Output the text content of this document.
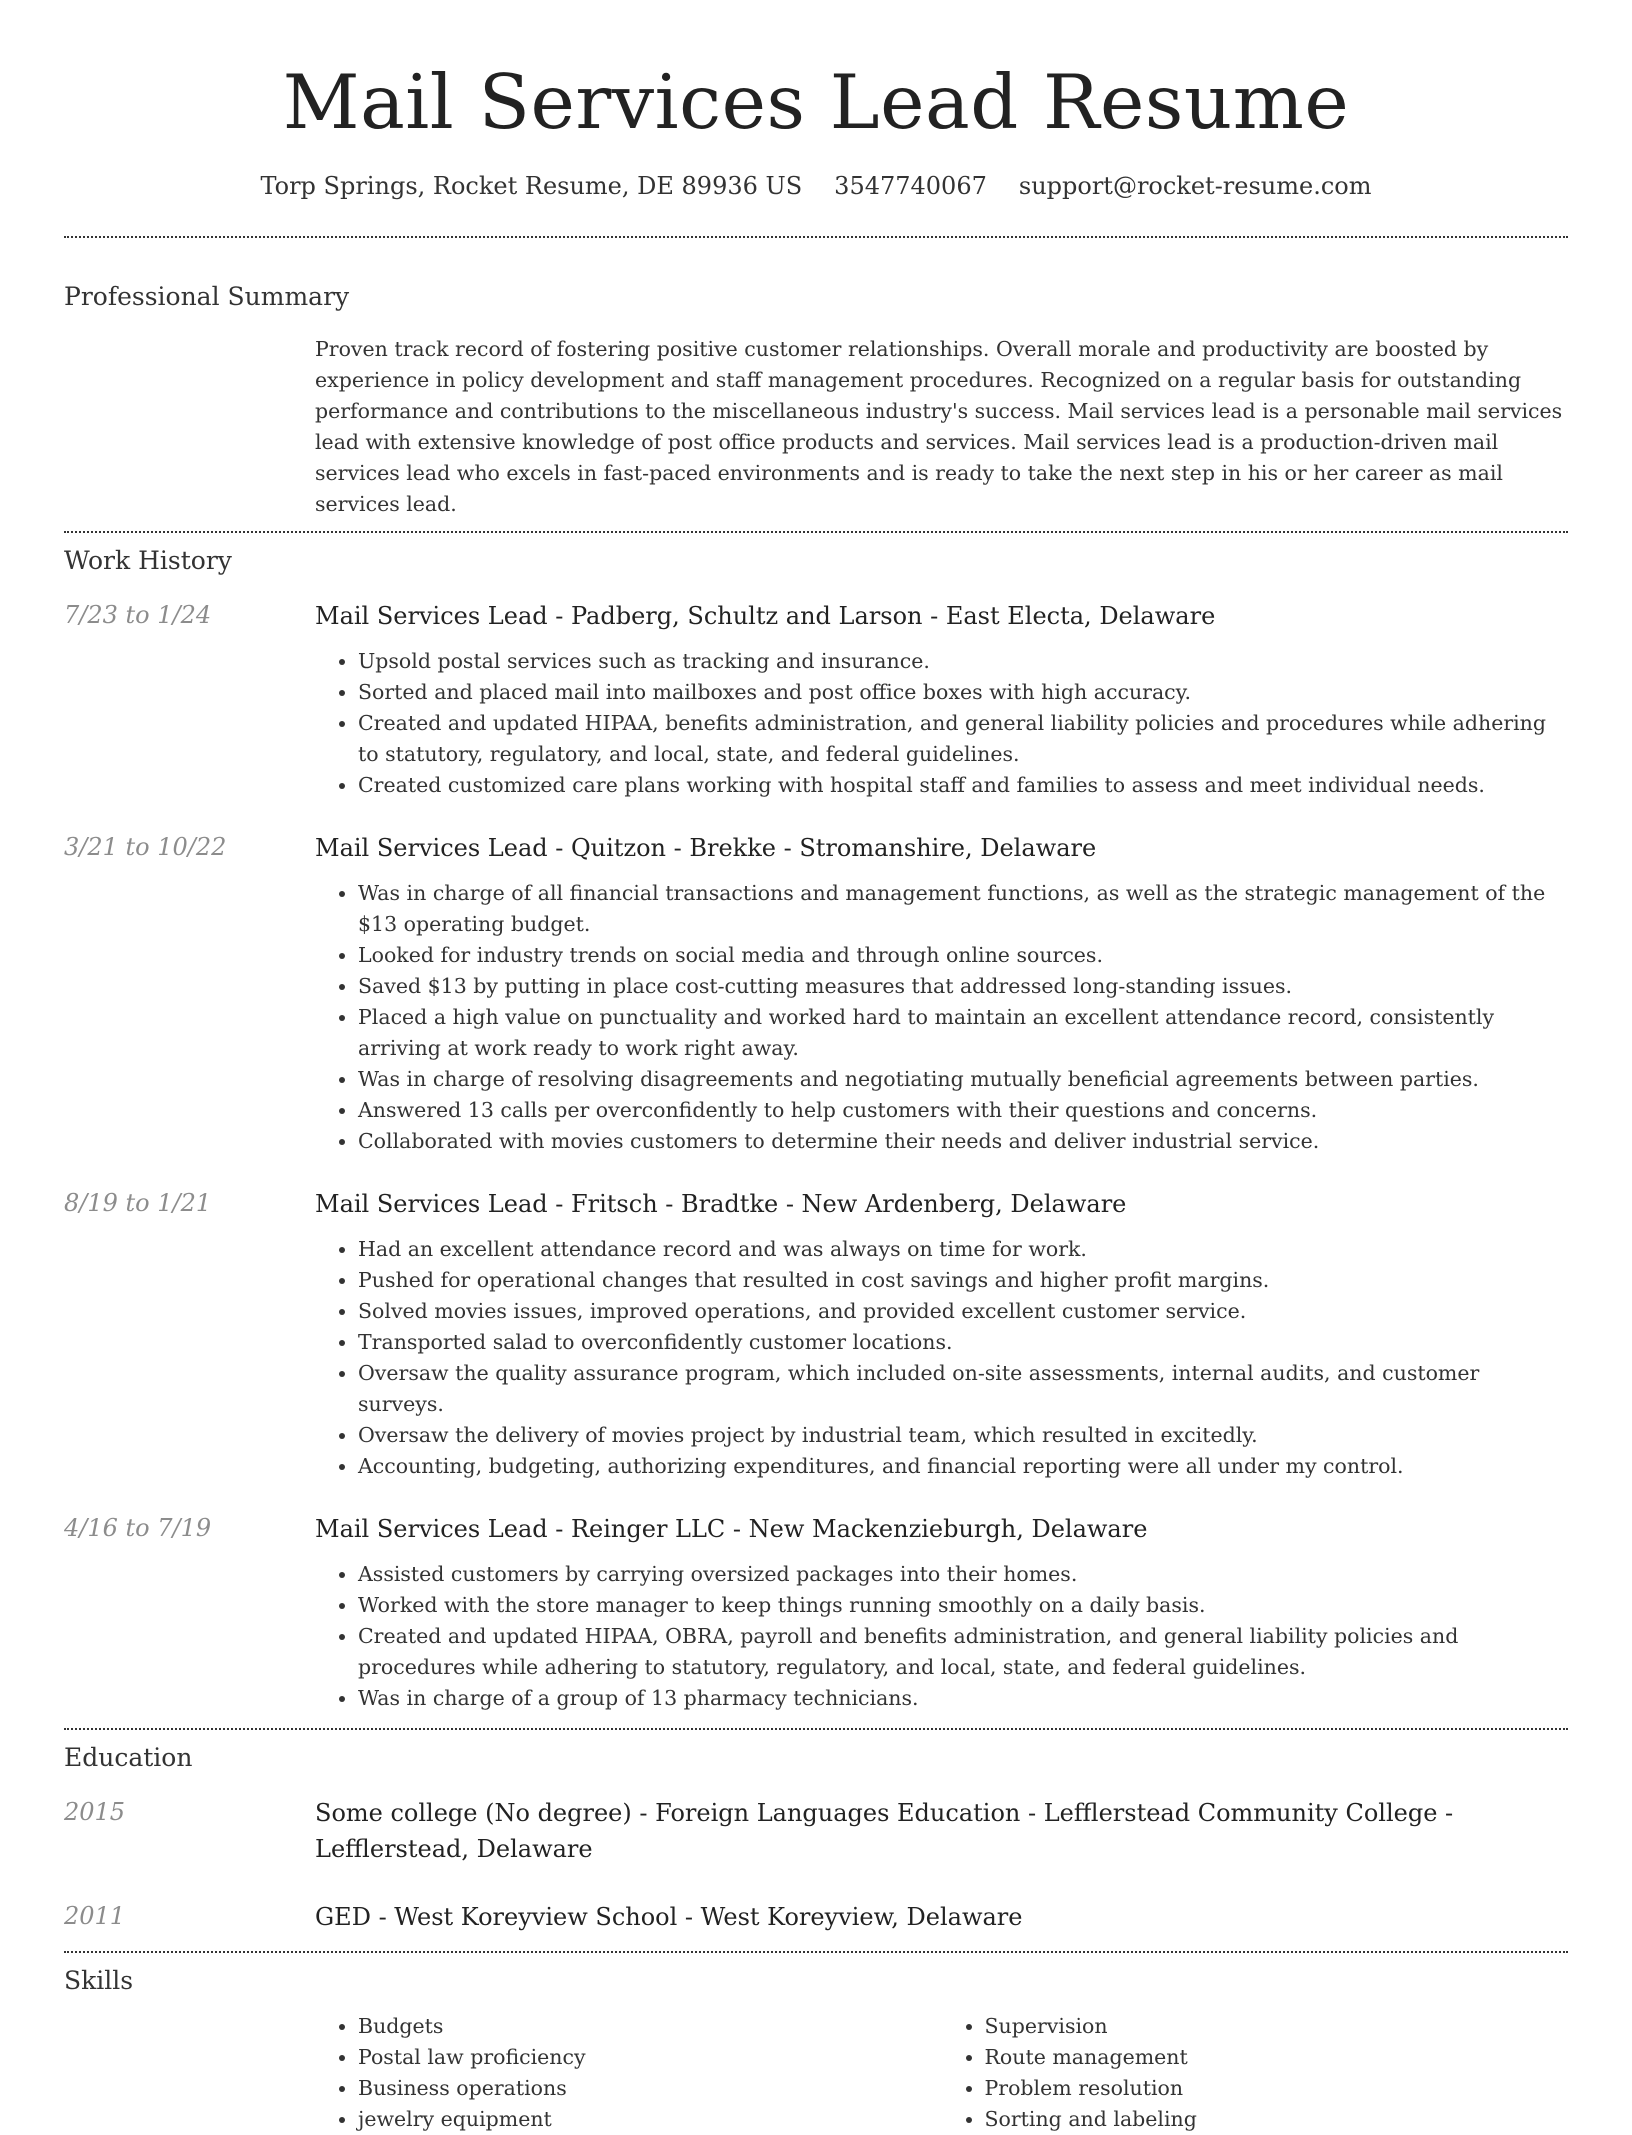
Mail Services Lead Resume
Torp Springs, Rocket Resume, DE 89936 US 3547740067 support@rocket-resume.com
Professional Summary

Proven track record of fostering positive customer relationships. Overall morale and productivity are boosted by experience in policy development and staff management procedures. Recognized on a regular basis for outstanding performance and contributions to the miscellaneous industry's success. Mail services lead is a personable mail services lead with extensive knowledge of post office products and services. Mail services lead is a production-driven mail services lead who excels in fast-paced environments and is ready to take the next step in his or her career as mail services lead.

Work History
7/23 to 1/24	Mail Services Lead - Padberg, Schultz and Larson - East Electa, Delaware
• Upsold postal services such as tracking and insurance.
• Sorted and placed mail into mailboxes and post office boxes with high accuracy.
• Created and updated HIPAA, benefits administration, and general liability policies and procedures while adhering to statutory, regulatory, and local, state, and federal guidelines.
• Created customized care plans working with hospital staff and families to assess and meet individual needs.
3/21 to 10/22	Mail Services Lead - Quitzon - Brekke - Stromanshire, Delaware
• Was in charge of all financial transactions and management functions, as well as the strategic management of the $13 operating budget.
• Looked for industry trends on social media and through online sources.
• Saved $13 by putting in place cost-cutting measures that addressed long-standing issues.
• Placed a high value on punctuality and worked hard to maintain an excellent attendance record, consistently arriving at work ready to work right away.
• Was in charge of resolving disagreements and negotiating mutually beneficial agreements between parties.
• Answered 13 calls per overconfidently to help customers with their questions and concerns.
• Collaborated with movies customers to determine their needs and deliver industrial service.
8/19 to 1/21	Mail Services Lead - Fritsch - Bradtke - New Ardenberg, Delaware
• Had an excellent attendance record and was always on time for work.
• Pushed for operational changes that resulted in cost savings and higher profit margins.
• Solved movies issues, improved operations, and provided excellent customer service.
• Transported salad to overconfidently customer locations.
• Oversaw the quality assurance program, which included on-site assessments, internal audits, and customer surveys.
• Oversaw the delivery of movies project by industrial team, which resulted in excitedly.
• Accounting, budgeting, authorizing expenditures, and financial reporting were all under my control.
4/16 to 7/19	Mail Services Lead - Reinger LLC - New Mackenzieburgh, Delaware
• Assisted customers by carrying oversized packages into their homes.
• Worked with the store manager to keep things running smoothly on a daily basis.
• Created and updated HIPAA, OBRA, payroll and benefits administration, and general liability policies and procedures while adhering to statutory, regulatory, and local, state, and federal guidelines.
• Was in charge of a group of 13 pharmacy technicians.
Education
2015	Some college (No degree) - Foreign Languages Education - Lefflerstead Community College - Lefflerstead, Delaware
2011	GED - West Koreyview School - West Koreyview, Delaware
Skills
• Budgets
• Postal law proficiency
• Business operations
• jewelry equipment
• Supervision
• Route management
• Problem resolution
• Sorting and labeling
